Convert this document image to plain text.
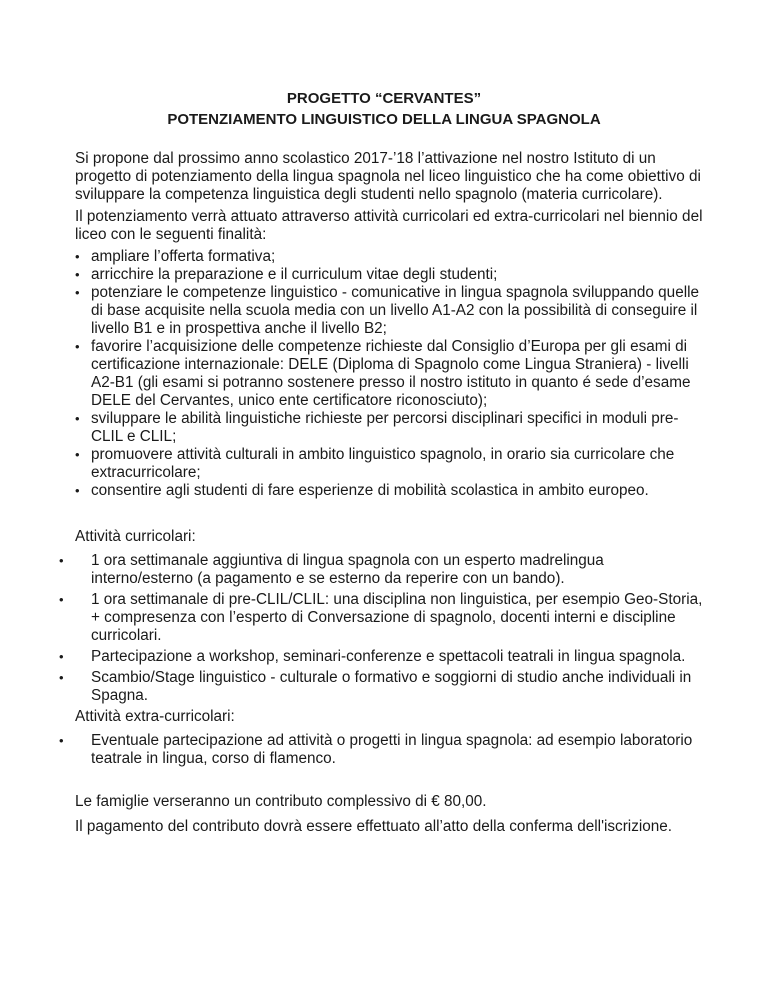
PROGETTO “CERVANTES”
POTENZIAMENTO LINGUISTICO DELLA LINGUA SPAGNOLA

Si propone dal prossimo anno scolastico 2017-’18 l’attivazione nel nostro Istituto di un progetto di potenziamento della lingua spagnola nel liceo linguistico che ha come obiettivo di sviluppare la competenza linguistica degli studenti nello spagnolo (materia curricolare).

Il potenziamento verrà attuato attraverso attività curricolari ed extra-curricolari nel biennio del liceo con le seguenti finalità:

• ampliare l’offerta formativa;
• arricchire la preparazione e il curriculum vitae degli studenti;
• potenziare le competenze linguistico - comunicative in lingua spagnola sviluppando quelle di base acquisite nella scuola media con un livello A1-A2 con la possibilità di conseguire il livello B1 e in prospettiva anche il livello B2;
• favorire l’acquisizione delle competenze richieste dal Consiglio d’Europa per gli esami di certificazione internazionale: DELE (Diploma di Spagnolo come Lingua Straniera) - livelli A2-B1 (gli esami si potranno sostenere presso il nostro istituto in quanto é sede d’esame DELE del Cervantes, unico ente certificatore riconosciuto);
• sviluppare le abilità linguistiche richieste per percorsi disciplinari specifici in moduli pre-CLIL e CLIL;
• promuovere attività culturali in ambito linguistico spagnolo, in orario sia curricolare che extracurricolare;
• consentire agli studenti di fare esperienze di mobilità scolastica in ambito europeo.

Attività curricolari:

• 1 ora settimanale aggiuntiva di lingua spagnola con un esperto madrelingua interno/esterno (a pagamento e se esterno da reperire con un bando).
• 1 ora settimanale di pre-CLIL/CLIL: una disciplina non linguistica, per esempio Geo-Storia, + compresenza con l’esperto di Conversazione di spagnolo, docenti interni e discipline curricolari.
• Partecipazione a workshop, seminari-conferenze e spettacoli teatrali in lingua spagnola.
• Scambio/Stage linguistico - culturale o formativo e soggiorni di studio anche individuali in Spagna.

Attività extra-curricolari:

• Eventuale partecipazione ad attività o progetti in lingua spagnola: ad esempio laboratorio teatrale in lingua, corso di flamenco.

Le famiglie verseranno un contributo complessivo di € 80,00.

Il pagamento del contributo dovrà essere effettuato all’atto della conferma dell'iscrizione.
